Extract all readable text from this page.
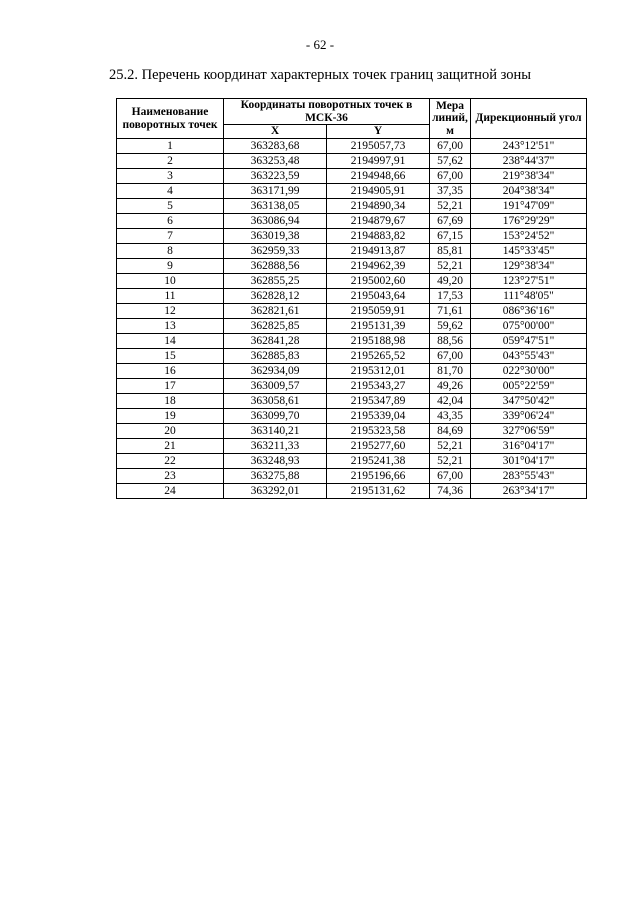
- 62 -
25.2. Перечень координат характерных точек границ защитной зоны
Наименование поворотных точек	Координаты поворотных точек в МСК-36		Мера линий, м	Дирекционный угол
	X	Y		
1	363283,68	2195057,73	67,00	243°12'51"
2	363253,48	2194997,91	57,62	238°44'37"
3	363223,59	2194948,66	67,00	219°38'34"
4	363171,99	2194905,91	37,35	204°38'34"
5	363138,05	2194890,34	52,21	191°47'09"
6	363086,94	2194879,67	67,69	176°29'29"
7	363019,38	2194883,82	67,15	153°24'52"
8	362959,33	2194913,87	85,81	145°33'45"
9	362888,56	2194962,39	52,21	129°38'34"
10	362855,25	2195002,60	49,20	123°27'51"
11	362828,12	2195043,64	17,53	111°48'05"
12	362821,61	2195059,91	71,61	086°36'16"
13	362825,85	2195131,39	59,62	075°00'00"
14	362841,28	2195188,98	88,56	059°47'51"
15	362885,83	2195265,52	67,00	043°55'43"
16	362934,09	2195312,01	81,70	022°30'00"
17	363009,57	2195343,27	49,26	005°22'59"
18	363058,61	2195347,89	42,04	347°50'42"
19	363099,70	2195339,04	43,35	339°06'24"
20	363140,21	2195323,58	84,69	327°06'59"
21	363211,33	2195277,60	52,21	316°04'17"
22	363248,93	2195241,38	52,21	301°04'17"
23	363275,88	2195196,66	67,00	283°55'43"
24	363292,01	2195131,62	74,36	263°34'17"
